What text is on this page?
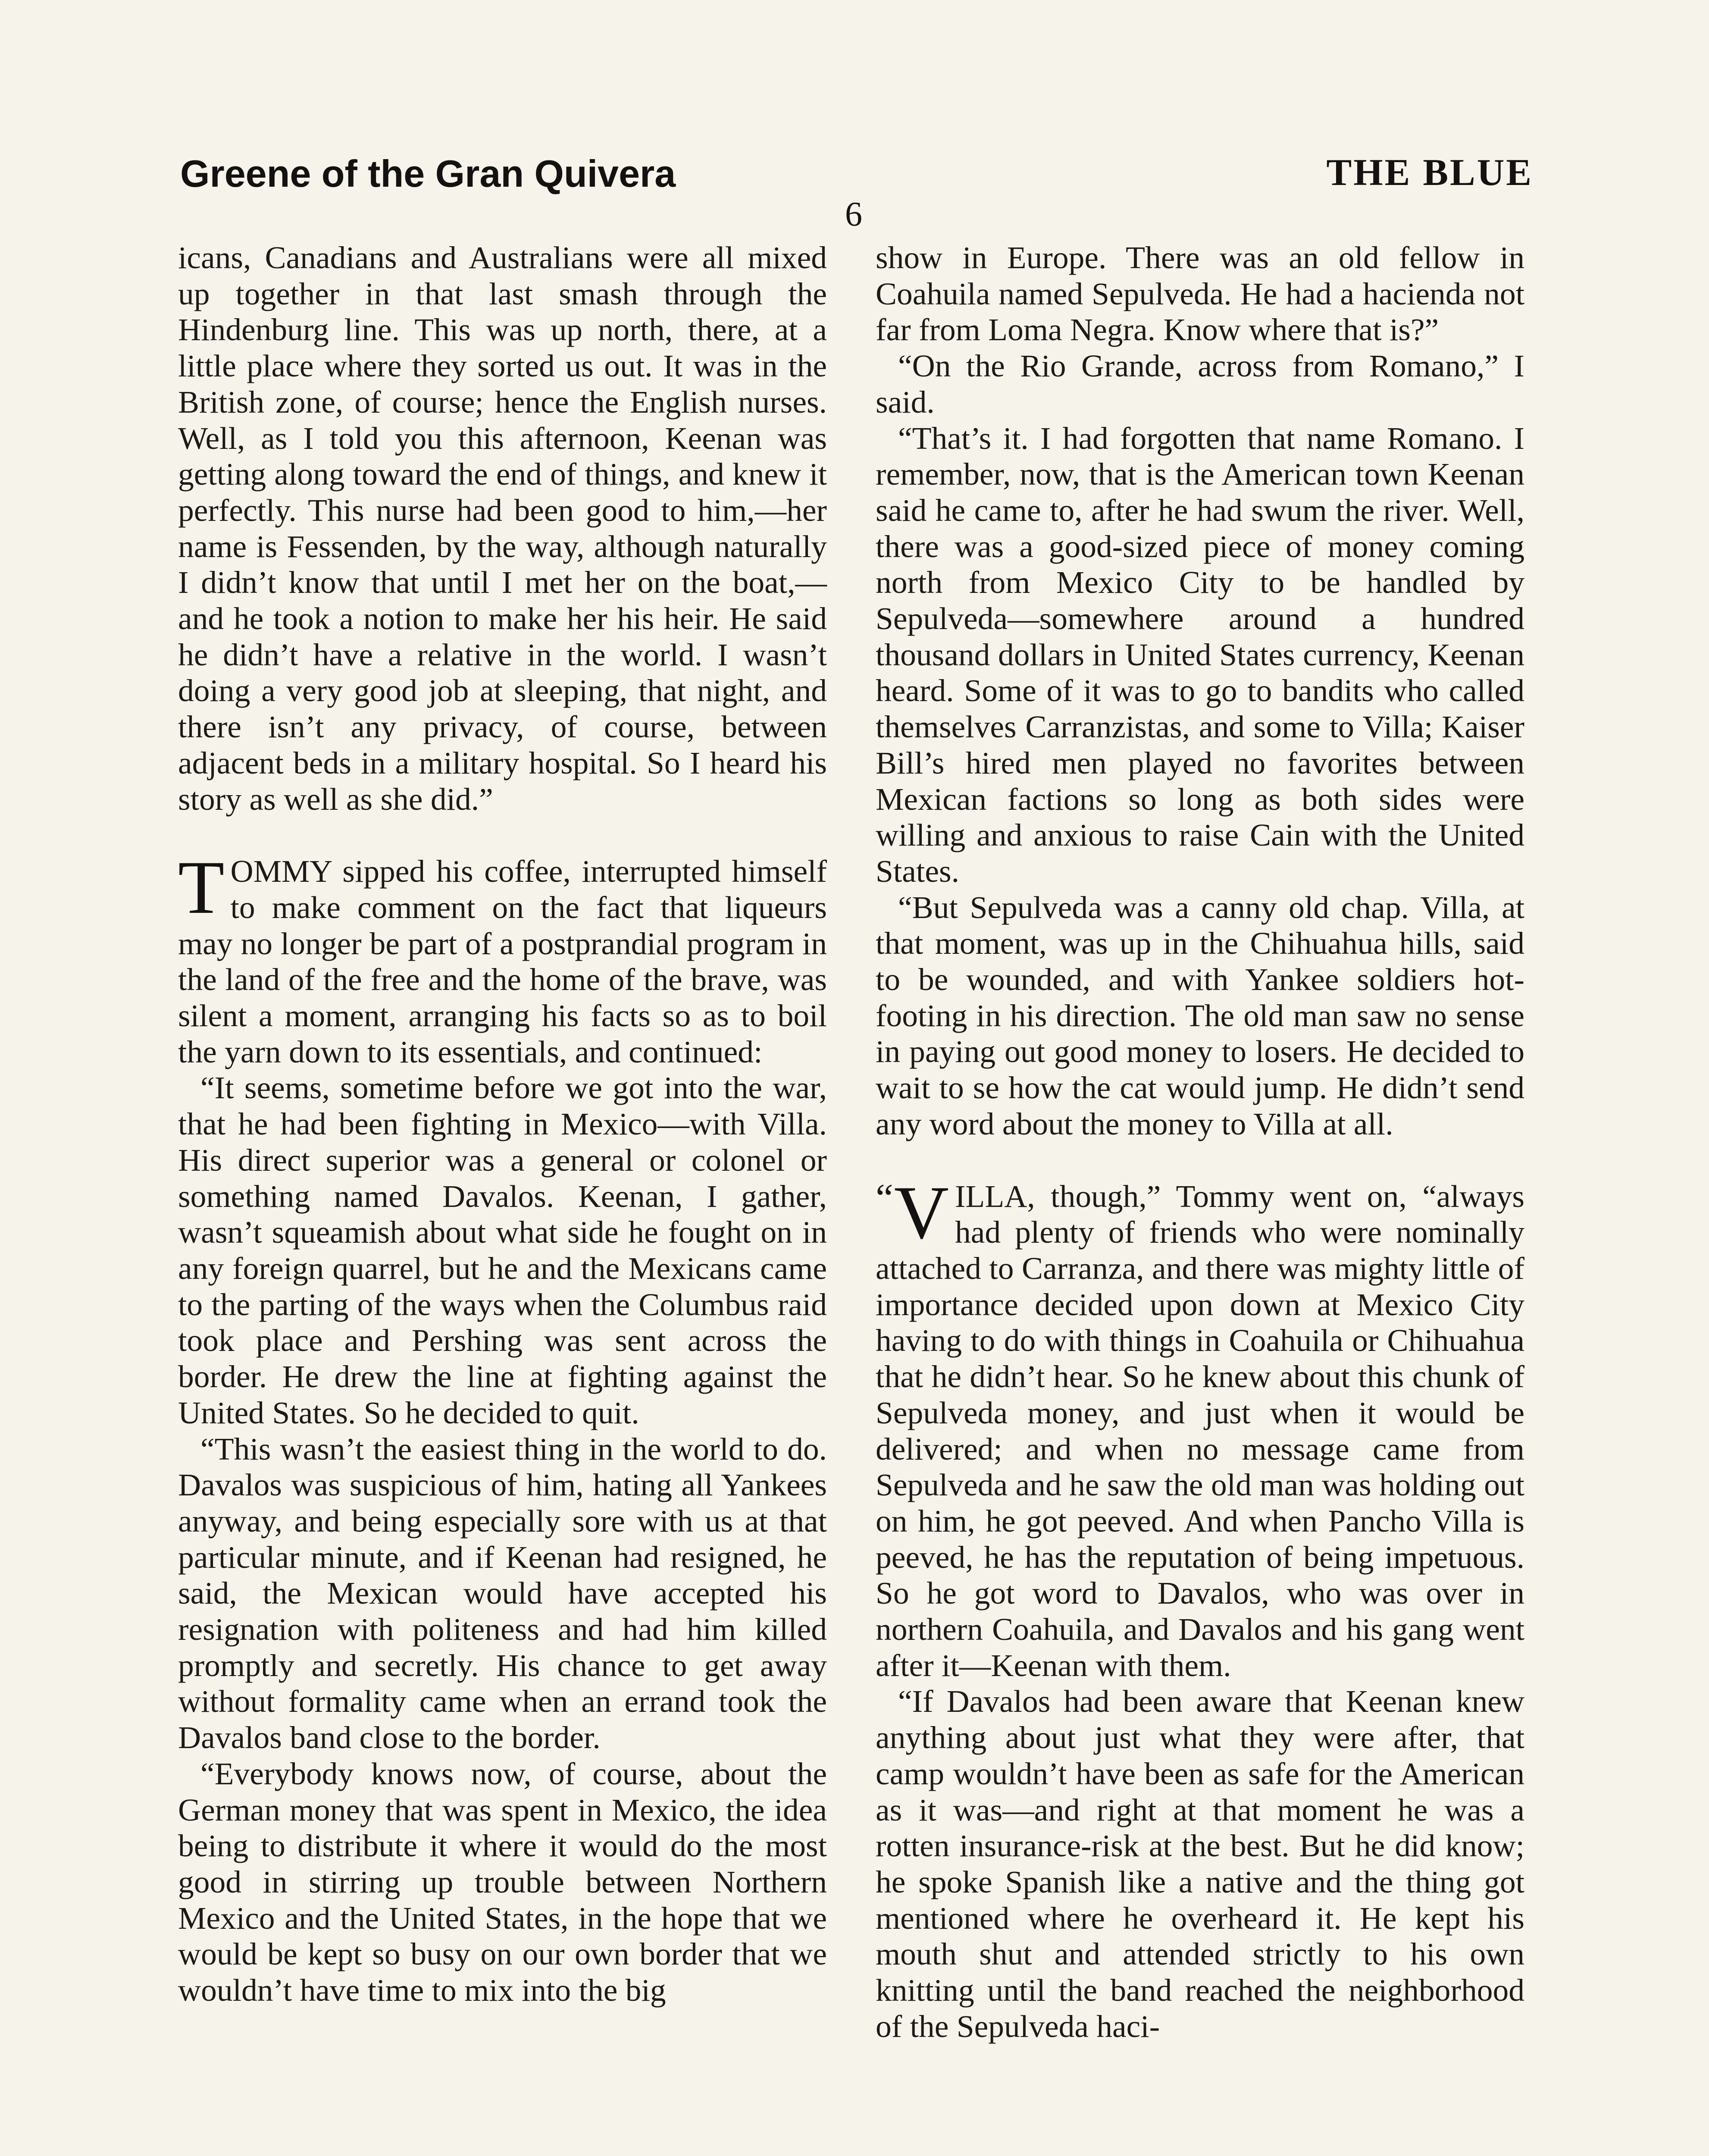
Greene of the Gran Quivera	THE BLUE
6

icans, Canadians and Australians were all mixed up together in that last smash through the Hindenburg line. This was up north, there, at a little place where they sorted us out. It was in the British zone, of course; hence the English nurses. Well, as I told you this afternoon, Keenan was getting along toward the end of things, and knew it perfectly. This nurse had been good to him,—her name is Fessenden, by the way, although naturally I didn’t know that until I met her on the boat,—and he took a notion to make her his heir. He said he didn’t have a relative in the world. I wasn’t doing a very good job at sleeping, that night, and there isn’t any privacy, of course, between adjacent beds in a military hospital. So I heard his story as well as she did.”

TOMMY sipped his coffee, interrupted himself to make comment on the fact that liqueurs may no longer be part of a postprandial program in the land of the free and the home of the brave, was silent a moment, arranging his facts so as to boil the yarn down to its essentials, and continued:

“It seems, sometime before we got into the war, that he had been fighting in Mexico—with Villa. His direct superior was a general or colonel or something named Davalos. Keenan, I gather, wasn’t squeamish about what side he fought on in any foreign quarrel, but he and the Mexicans came to the parting of the ways when the Columbus raid took place and Pershing was sent across the border. He drew the line at fighting against the United States. So he decided to quit.

“This wasn’t the easiest thing in the world to do. Davalos was suspicious of him, hating all Yankees anyway, and being especially sore with us at that particular minute, and if Keenan had resigned, he said, the Mexican would have accepted his resignation with politeness and had him killed promptly and secretly. His chance to get away without formality came when an errand took the Davalos band close to the border.

“Everybody knows now, of course, about the German money that was spent in Mexico, the idea being to distribute it where it would do the most good in stirring up trouble between Northern Mexico and the United States, in the hope that we would be kept so busy on our own border that we wouldn’t have time to mix into the big

show in Europe. There was an old fellow in Coahuila named Sepulveda. He had a hacienda not far from Loma Negra. Know where that is?”

“On the Rio Grande, across from Romano,” I said.

“That’s it. I had forgotten that name Romano. I remember, now, that is the American town Keenan said he came to, after he had swum the river. Well, there was a good-sized piece of money coming north from Mexico City to be handled by Sepulveda—somewhere around a hundred thousand dollars in United States currency, Keenan heard. Some of it was to go to bandits who called themselves Carranzistas, and some to Villa; Kaiser Bill’s hired men played no favorites between Mexican factions so long as both sides were willing and anxious to raise Cain with the United States.

“But Sepulveda was a canny old chap. Villa, at that moment, was up in the Chihuahua hills, said to be wounded, and with Yankee soldiers hot-footing in his direction. The old man saw no sense in paying out good money to losers. He decided to wait to se how the cat would jump. He didn’t send any word about the money to Villa at all.

“ V ILLA, though,” Tommy went on, “always had plenty of friends who were nominally attached to Carranza, and there was mighty little of importance decided upon down at Mexico City having to do with things in Coahuila or Chihuahua that he didn’t hear. So he knew about this chunk of Sepulveda money, and just when it would be delivered; and when no message came from Sepulveda and he saw the old man was holding out on him, he got peeved. And when Pancho Villa is peeved, he has the reputation of being impetuous. So he got word to Davalos, who was over in northern Coahuila, and Davalos and his gang went after it—Keenan with them.

“If Davalos had been aware that Keenan knew anything about just what they were after, that camp wouldn’t have been as safe for the American as it was—and right at that moment he was a rotten insurance-risk at the best. But he did know; he spoke Spanish like a native and the thing got mentioned where he overheard it. He kept his mouth shut and attended strictly to his own knitting until the band reached the neighborhood of the Sepulveda haci-
